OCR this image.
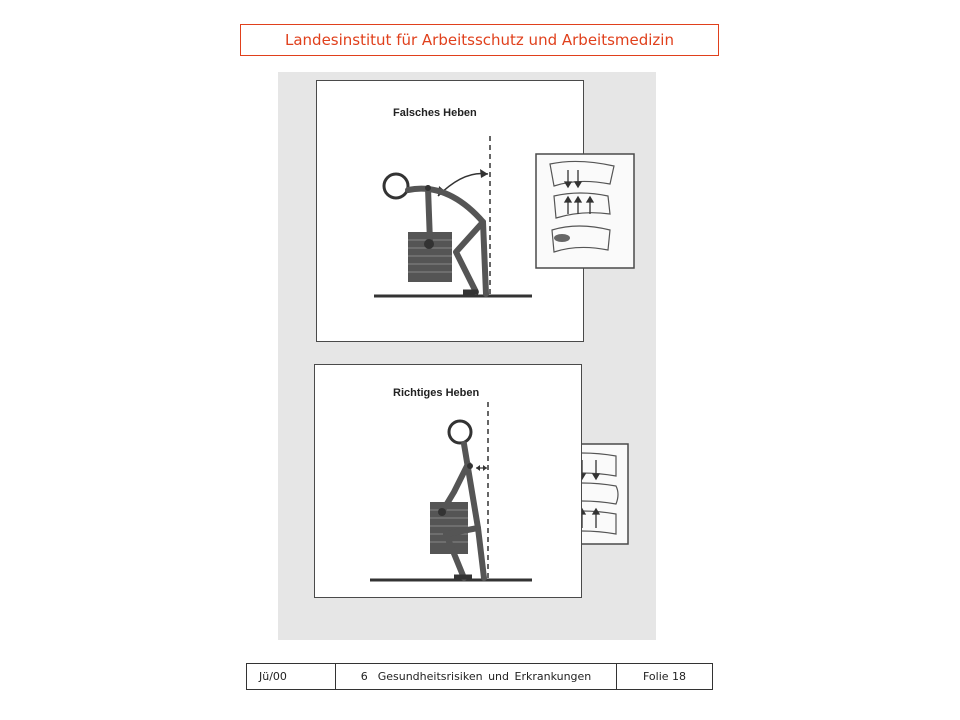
Landesinstitut für Arbeitsschutz und Arbeitsmedizin
Falsches Heben
Richtiges Heben
Jü/00	6 Gesundheitsrisiken und Erkrankungen	Folie 18
